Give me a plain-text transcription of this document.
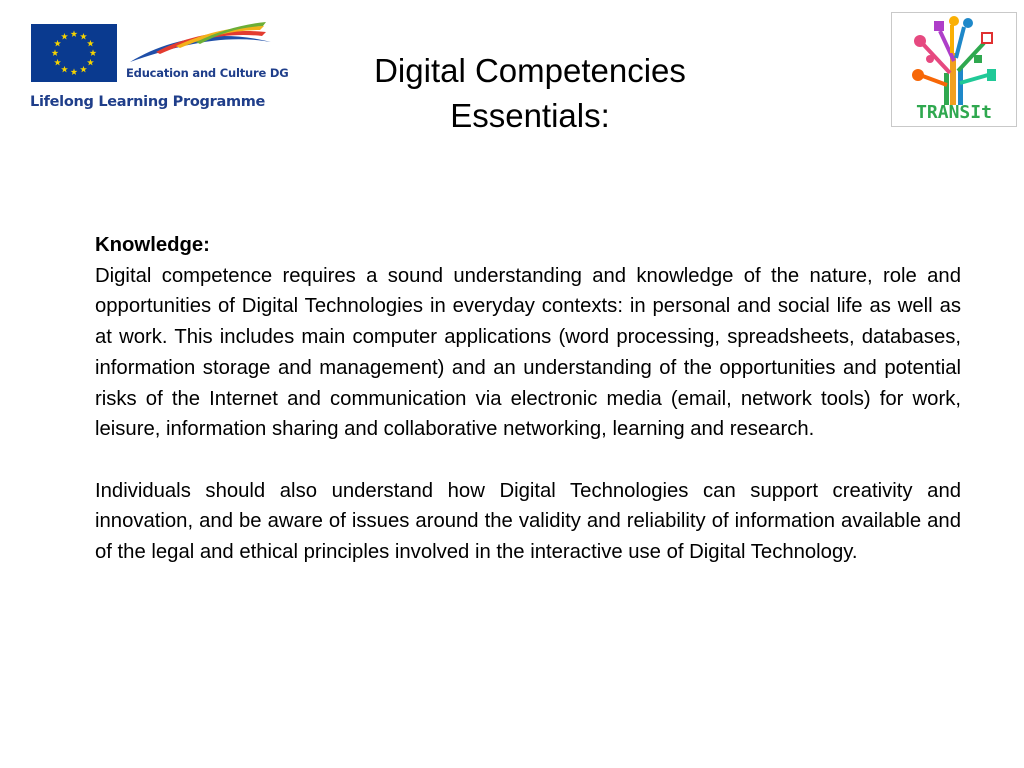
Education and Culture DG
Lifelong Learning Programme
Digital Competencies
Essentials:	TRANSIt

Knowledge:

Digital competence requires a sound understanding and knowledge of the nature, role and opportunities of Digital Technologies in everyday contexts: in personal and social life as well as at work. This includes main computer applications (word processing, spreadsheets, databases, information storage and management) and an understanding of the opportunities and potential risks of the Internet and communication via electronic media (email, network tools) for work, leisure, information sharing and collaborative networking, learning and research.

Individuals should also understand how Digital Technologies can support creativity and innovation, and be aware of issues around the validity and reliability of information available and of the legal and ethical principles involved in the interactive use of Digital Technology.
